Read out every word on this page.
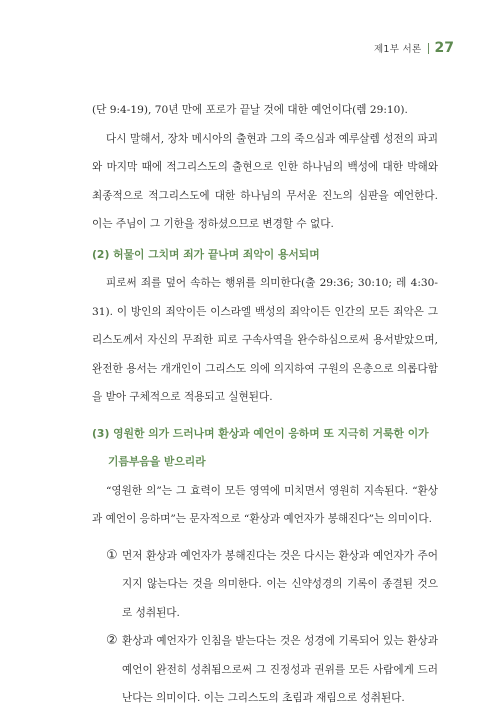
제1부 서론 27

(단 9:4-19), 70년 만에 포로가 끝날 것에 대한 예언이다(렘 29:10).

다시 말해서, 장차 메시아의 출현과 그의 죽으심과 예루살렘 성전의 파괴와 마지막 때에 적그리스도의 출현으로 인한 하나님의 백성에 대한 박해와 최종적으로 적그리스도에 대한 하나님의 무서운 진노의 심판을 예언한다. 이는 주님이 그 기한을 정하셨으므로 변경할 수 없다.

(2) 허물이 그치며 죄가 끝나며 죄악이 용서되며

피로써 죄를 덮어 속하는 행위를 의미한다(출 29:36; 30:10; 레 4:30-31). 이 방인의 죄악이든 이스라엘 백성의 죄악이든 인간의 모든 죄악은 그리스도께서 자신의 무죄한 피로 구속사역을 완수하심으로써 용서받았으며, 완전한 용서는 개개인이 그리스도 의에 의지하여 구원의 은총으로 의롭다함을 받아 구체적으로 적용되고 실현된다.

(3) 영원한 의가 드러나며 환상과 예언이 응하며 또 지극히 거룩한 이가 기름부음을 받으리라

“영원한 의”는 그 효력이 모든 영역에 미치면서 영원히 지속된다. “환상과 예언이 응하며”는 문자적으로 “환상과 예언자가 봉해진다”는 의미이다.

① 먼저 환상과 예언자가 봉해진다는 것은 다시는 환상과 예언자가 주어지지 않는다는 것을 의미한다. 이는 신약성경의 기록이 종결된 것으로 성취된다.

② 환상과 예언자가 인침을 받는다는 것은 성경에 기록되어 있는 환상과 예언이 완전히 성취됨으로써 그 진정성과 권위를 모든 사람에게 드러난다는 의미이다. 이는 그리스도의 초림과 재림으로 성취된다.
